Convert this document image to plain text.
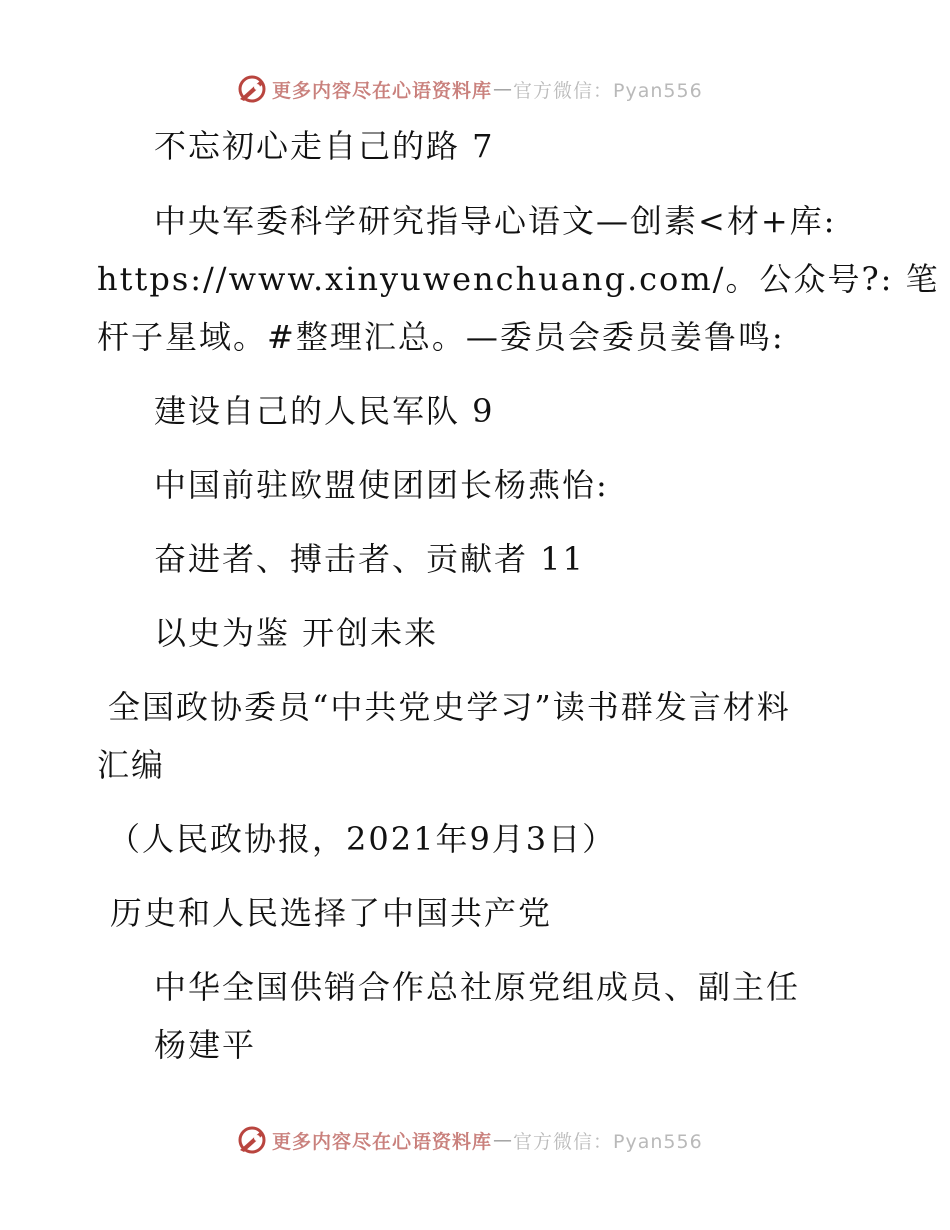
更多内容尽在心语资料库 — 官方微信：Pyan556
不忘初心走自己的路 7
中央军委科学研究指导心语文—创素<材+库:
https://www.xinyuwenchuang.com/。公众号?: 笔
杆子星域。#整理汇总。—委员会委员姜鲁鸣:
建设自己的人民军队 9
中国前驻欧盟使团团长杨燕怡:
奋进者、搏击者、贡献者 11
以史为鉴 开创未来
全国政协委员“中共党史学习”读书群发言材料
汇编
（人民政协报，2021年9月3日）
历史和人民选择了中国共产党
中华全国供销合作总社原党组成员、副主任
杨建平
更多内容尽在心语资料库 — 官方微信：Pyan556
